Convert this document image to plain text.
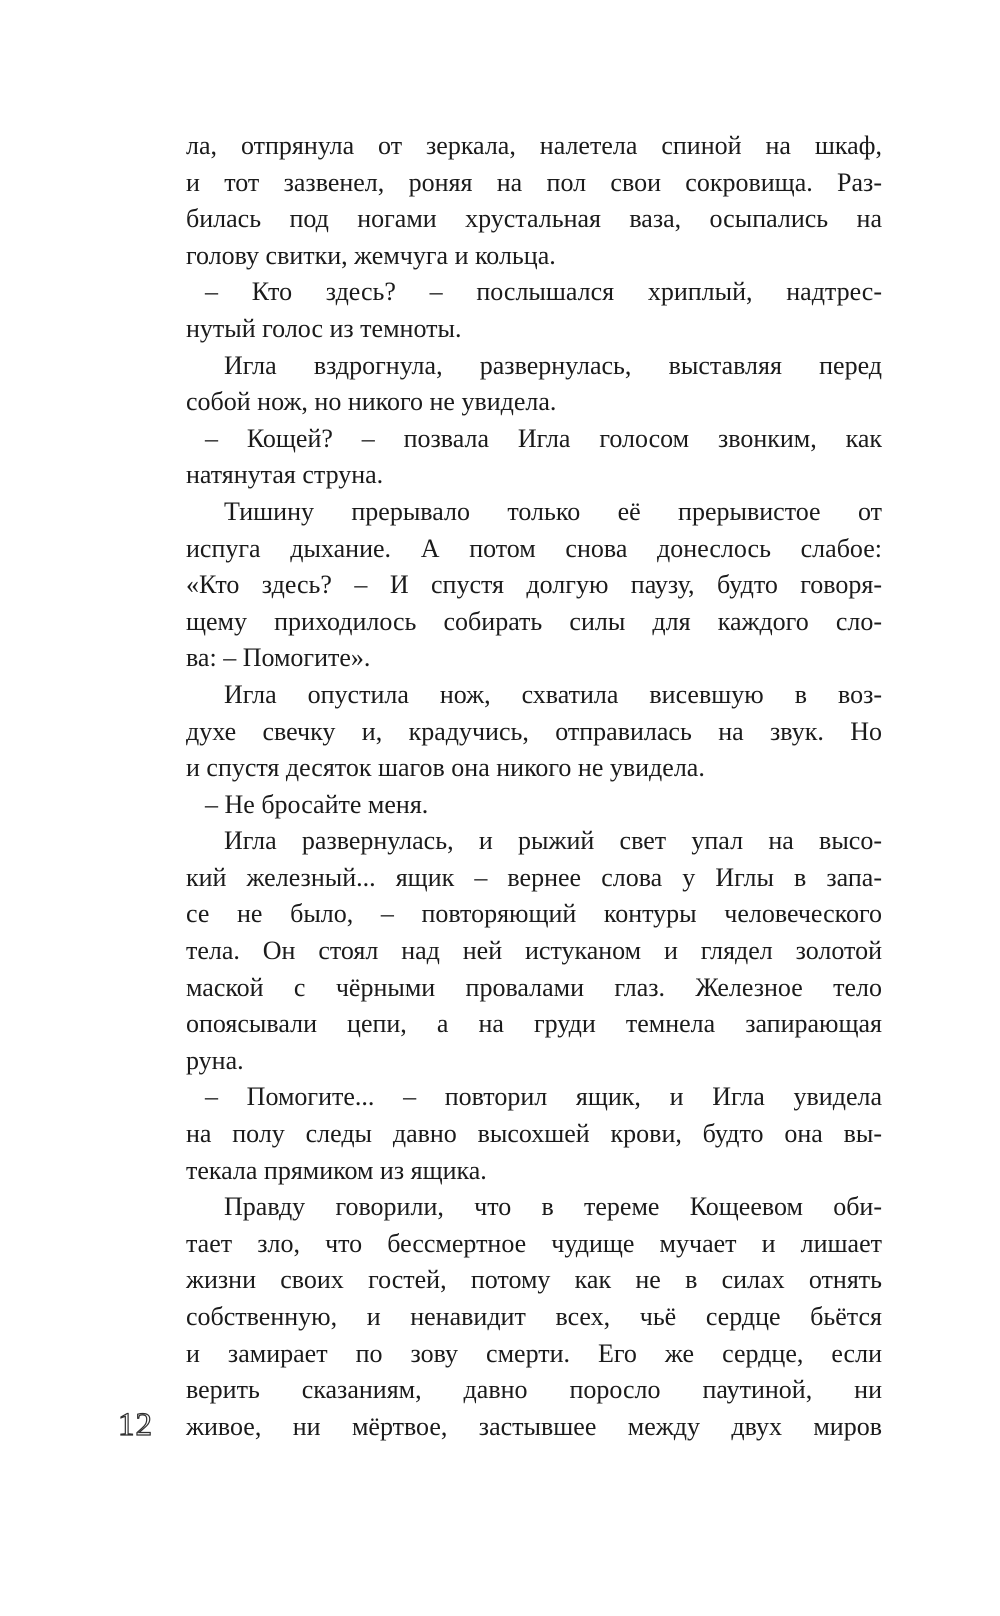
ла, отпрянула от зеркала, налетела спиной на шкаф,
и тот зазвенел, роняя на пол свои сокровища. Раз-
билась под ногами хрустальная ваза, осыпались на
голову свитки, жемчуга и кольца.
– Кто здесь? – послышался хриплый, надтрес-
нутый голос из темноты.
Игла вздрогнула, развернулась, выставляя перед
собой нож, но никого не увидела.
– Кощей? – позвала Игла голосом звонким, как
натянутая струна.
Тишину прерывало только её прерывистое от
испуга дыхание. А потом снова донеслось слабое:
«Кто здесь? – И спустя долгую паузу, будто говоря-
щему приходилось собирать силы для каждого сло-
ва: – Помогите».
Игла опустила нож, схватила висевшую в воз-
духе свечку и, крадучись, отправилась на звук. Но
и спустя десяток шагов она никого не увидела.
– Не бросайте меня.
Игла развернулась, и рыжий свет упал на высо-
кий железный... ящик – вернее слова у Иглы в запа-
се не было, – повторяющий контуры человеческого
тела. Он стоял над ней истуканом и глядел золотой
маской с чёрными провалами глаз. Железное тело
опоясывали цепи, а на груди темнела запирающая
руна.
– Помогите... – повторил ящик, и Игла увидела
на полу следы давно высохшей крови, будто она вы-
текала прямиком из ящика.
Правду говорили, что в тереме Кощеевом оби-
тает зло, что бессмертное чудище мучает и лишает
жизни своих гостей, потому как не в силах отнять
собственную, и ненавидит всех, чьё сердце бьётся
и замирает по зову смерти. Его же сердце, если
верить сказаниям, давно поросло паутиной, ни
живое, ни мёртвое, застывшее между двух миров
12
